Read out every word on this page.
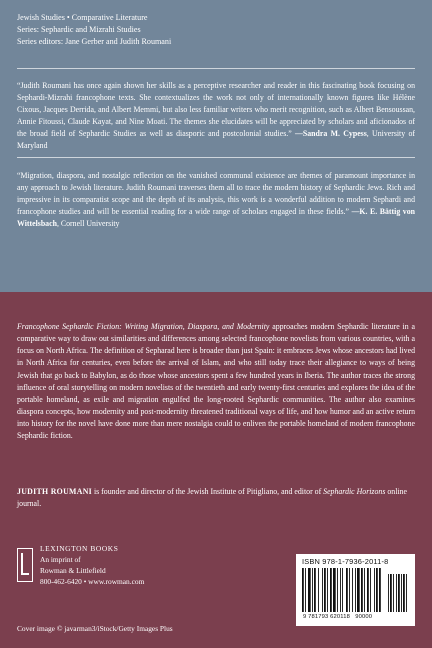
Jewish Studies • Comparative Literature
Series: Sephardic and Mizrahi Studies
Series editors: Jane Gerber and Judith Roumani
“Judith Roumani has once again shown her skills as a perceptive researcher and reader in this fascinating book focusing on Sephardi-Mizrahi francophone texts. She contextualizes the work not only of internationally known figures like Hélène Cixous, Jacques Derrida, and Albert Memmi, but also less familiar writers who merit recognition, such as Albert Bensoussan, Annie Fitoussi, Claude Kayat, and Nine Moati. The themes she elucidates will be appreciated by scholars and aficionados of the broad field of Sephardic Studies as well as diasporic and postcolonial studies.” —Sandra M. Cypess, University of Maryland
“Migration, diaspora, and nostalgic reflection on the vanished communal existence are themes of paramount importance in any approach to Jewish literature. Judith Roumani traverses them all to trace the modern history of Sephardic Jews. Rich and impressive in its comparatist scope and the depth of its analysis, this work is a wonderful addition to modern Sephardi and francophone studies and will be essential reading for a wide range of scholars engaged in these fields.” —K. E. Bättig von Wittelsbach, Cornell University
Francophone Sephardic Fiction: Writing Migration, Diaspora, and Modernity approaches modern Sephardic literature in a comparative way to draw out similarities and differences among selected francophone novelists from various countries, with a focus on North Africa. The definition of Sepharad here is broader than just Spain: it embraces Jews whose ancestors had lived in North Africa for centuries, even before the arrival of Islam, and who still today trace their allegiance to ways of being Jewish that go back to Babylon, as do those whose ancestors spent a few hundred years in Iberia. The author traces the strong influence of oral storytelling on modern novelists of the twentieth and early twenty-first centuries and explores the idea of the portable homeland, as exile and migration engulfed the long-rooted Sephardic communities. The author also examines diaspora concepts, how modernity and post-modernity threatened traditional ways of life, and how humor and an active return into history for the novel have done more than mere nostalgia could to enliven the portable homeland of modern francophone Sephardic fiction.
JUDITH ROUMANI is founder and director of the Jewish Institute of Pitigliano, and editor of Sephardic Horizons online journal.
LEXINGTON BOOKS
An imprint of
Rowman & Littlefield
800-462-6420 • www.rowman.com
ISBN 978-1-7936-2011-8
9 781793 620118 90000
Cover image © javarman3/iStock/Getty Images Plus
